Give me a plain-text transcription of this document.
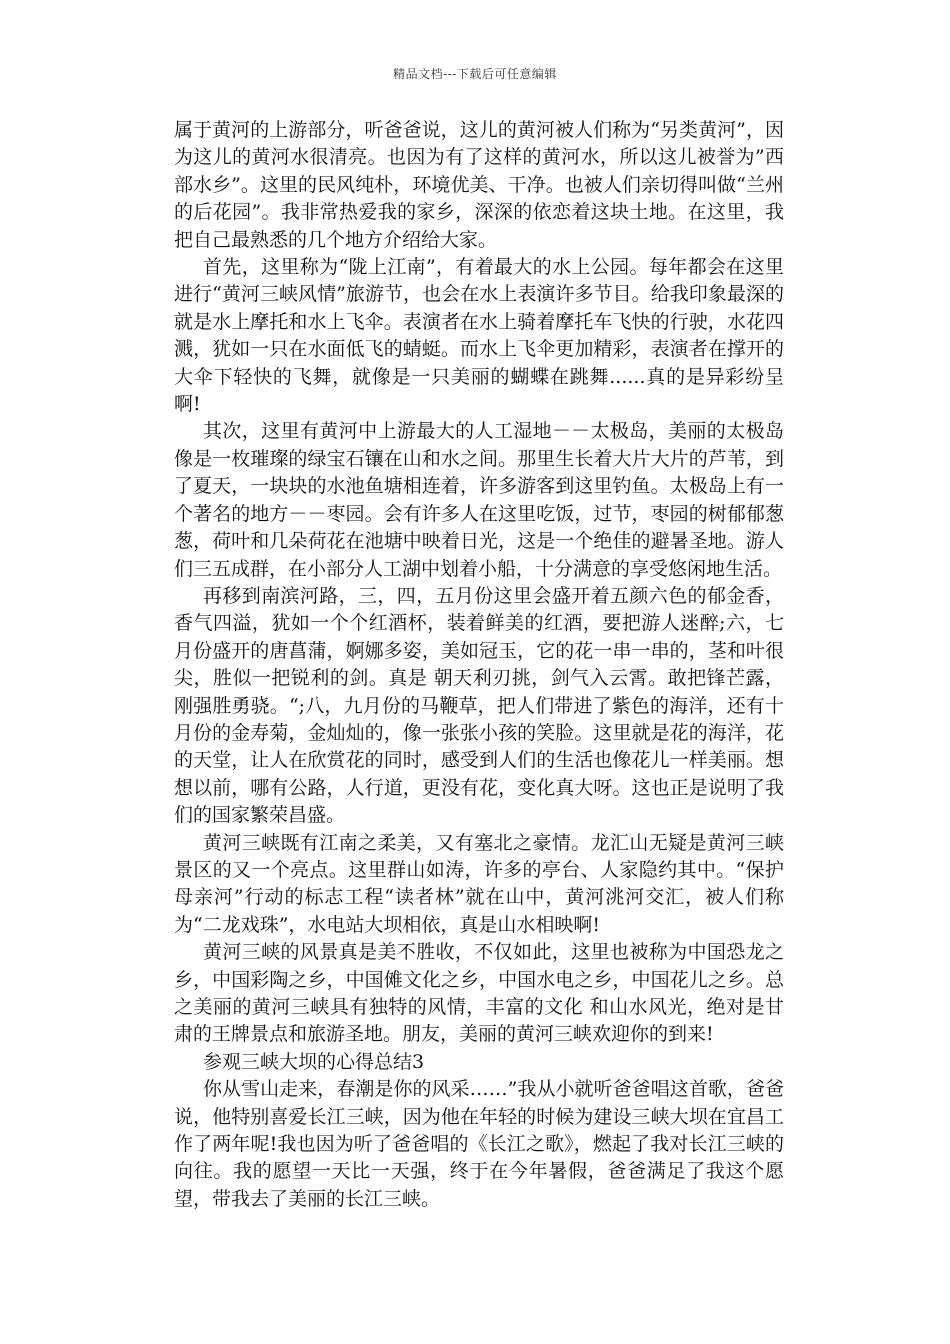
精品文档---下载后可任意编辑

属于黄河的上游部分，听爸爸说，这儿的黄河被人们称为“另类黄河”，因为这儿的黄河水很清亮。也因为有了这样的黄河水，所以这儿被誉为”西部水乡”。这里的民风纯朴，环境优美、干净。也被人们亲切得叫做“兰州的后花园”。我非常热爱我的家乡，深深的依恋着这块土地。在这里，我把自己最熟悉的几个地方介绍给大家。

首先，这里称为“陇上江南”，有着最大的水上公园。每年都会在这里进行“黄河三峡风情”旅游节，也会在水上表演许多节目。给我印象最深的就是水上摩托和水上飞伞。表演者在水上骑着摩托车飞快的行驶，水花四溅，犹如一只在水面低飞的蜻蜓。而水上飞伞更加精彩，表演者在撑开的大伞下轻快的飞舞，就像是一只美丽的蝴蝶在跳舞......真的是异彩纷呈啊!

其次，这里有黄河中上游最大的人工湿地－－太极岛，美丽的太极岛像是一枚璀璨的绿宝石镶在山和水之间。那里生长着大片大片的芦苇，到了夏天，一块块的水池鱼塘相连着，许多游客到这里钓鱼。太极岛上有一个著名的地方－－枣园。会有许多人在这里吃饭，过节，枣园的树郁郁葱葱，荷叶和几朵荷花在池塘中映着日光，这是一个绝佳的避暑圣地。游人们三五成群，在小部分人工湖中划着小船，十分满意的享受悠闲地生活。

再移到南滨河路，三，四，五月份这里会盛开着五颜六色的郁金香，香气四溢，犹如一个个红酒杯，装着鲜美的红酒，要把游人迷醉;六，七月份盛开的唐菖蒲，婀娜多姿，美如冠玉，它的花一串一串的，茎和叶很尖，胜似一把锐利的剑。真是 朝天利刃挑，剑气入云霄。敢把锋芒露，刚强胜勇骁。“;八，九月份的马鞭草，把人们带进了紫色的海洋，还有十月份的金寿菊，金灿灿的，像一张张小孩的笑脸。这里就是花的海洋，花的天堂，让人在欣赏花的同时，感受到人们的生活也像花儿一样美丽。想想以前，哪有公路，人行道，更没有花，变化真大呀。这也正是说明了我们的国家繁荣昌盛。

黄河三峡既有江南之柔美，又有塞北之豪情。龙汇山无疑是黄河三峡景区的又一个亮点。这里群山如涛，许多的亭台、人家隐约其中。“保护母亲河”行动的标志工程“读者林”就在山中，黄河洮河交汇，被人们称为“二龙戏珠”，水电站大坝相依，真是山水相映啊!

黄河三峡的风景真是美不胜收，不仅如此，这里也被称为中国恐龙之乡，中国彩陶之乡，中国傩文化之乡，中国水电之乡，中国花儿之乡。总之美丽的黄河三峡具有独特的风情，丰富的文化 和山水风光，绝对是甘肃的王牌景点和旅游圣地。朋友，美丽的黄河三峡欢迎你的到来!

参观三峡大坝的心得总结3

你从雪山走来，春潮是你的风采……”我从小就听爸爸唱这首歌，爸爸说，他特别喜爱长江三峡，因为他在年轻的时候为建设三峡大坝在宜昌工作了两年呢!我也因为听了爸爸唱的《长江之歌》，燃起了我对长江三峡的向往。我的愿望一天比一天强，终于在今年暑假，爸爸满足了我这个愿望，带我去了美丽的长江三峡。
